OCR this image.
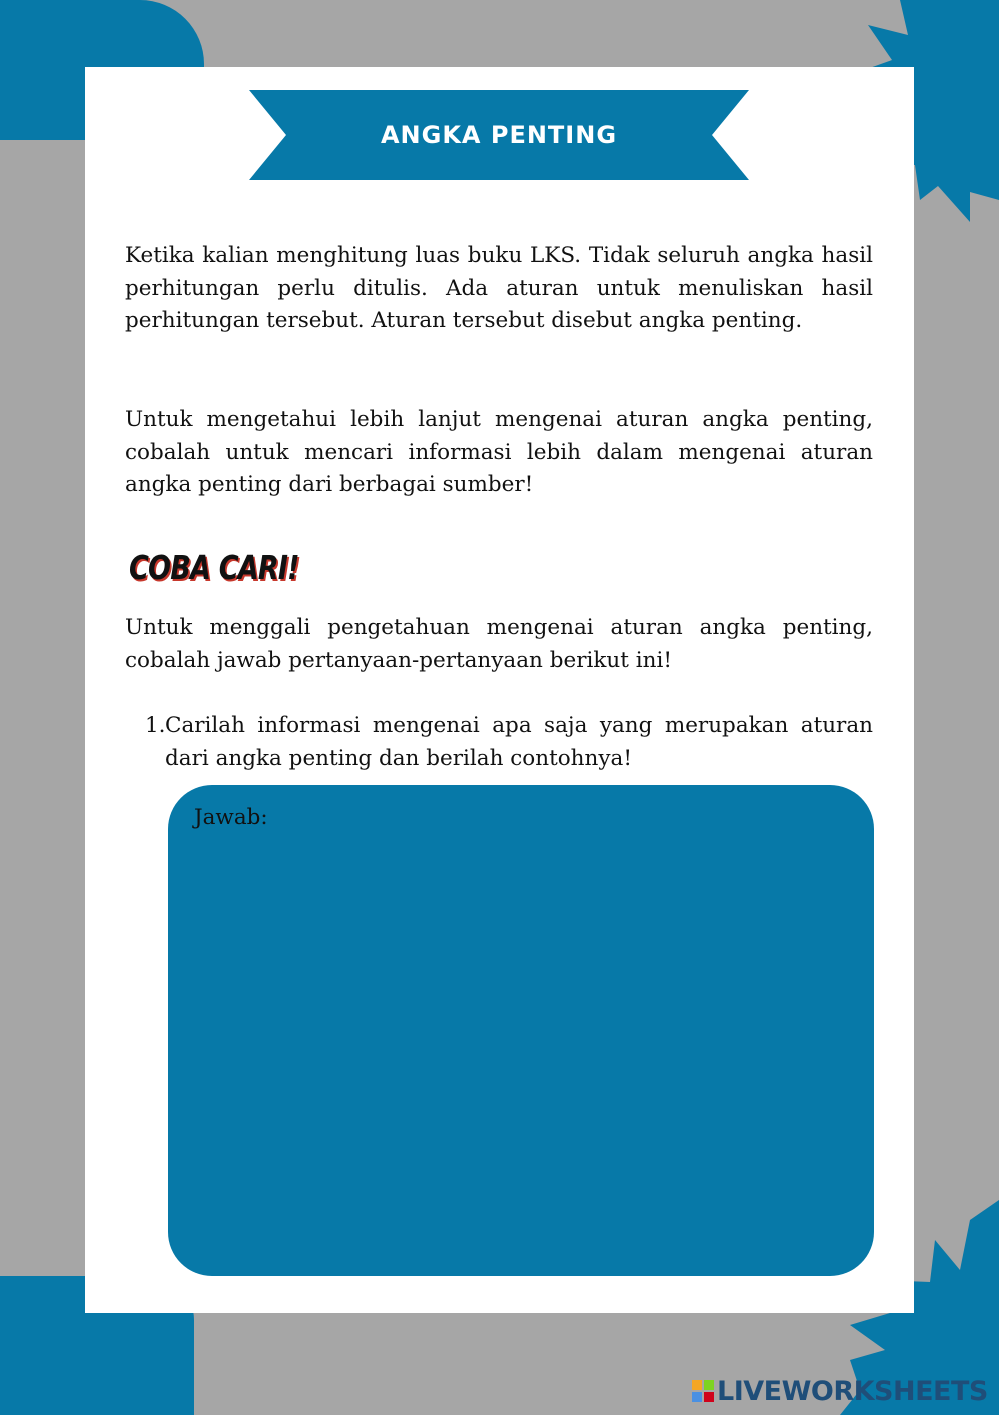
ANGKA PENTING

Ketika kalian menghitung luas buku LKS. Tidak seluruh angka hasil perhitungan perlu ditulis. Ada aturan untuk menuliskan hasil perhitungan tersebut. Aturan tersebut disebut angka penting.

Untuk mengetahui lebih lanjut mengenai aturan angka penting, cobalah untuk mencari informasi lebih dalam mengenai aturan angka penting dari berbagai sumber!

COBA CARI!

Untuk menggali pengetahuan mengenai aturan angka penting, cobalah jawab pertanyaan-pertanyaan berikut ini!

1. Carilah informasi mengenai apa saja yang merupakan aturan dari angka penting dan berilah contohnya!

Jawab:
LIVEWORKSHEETS
